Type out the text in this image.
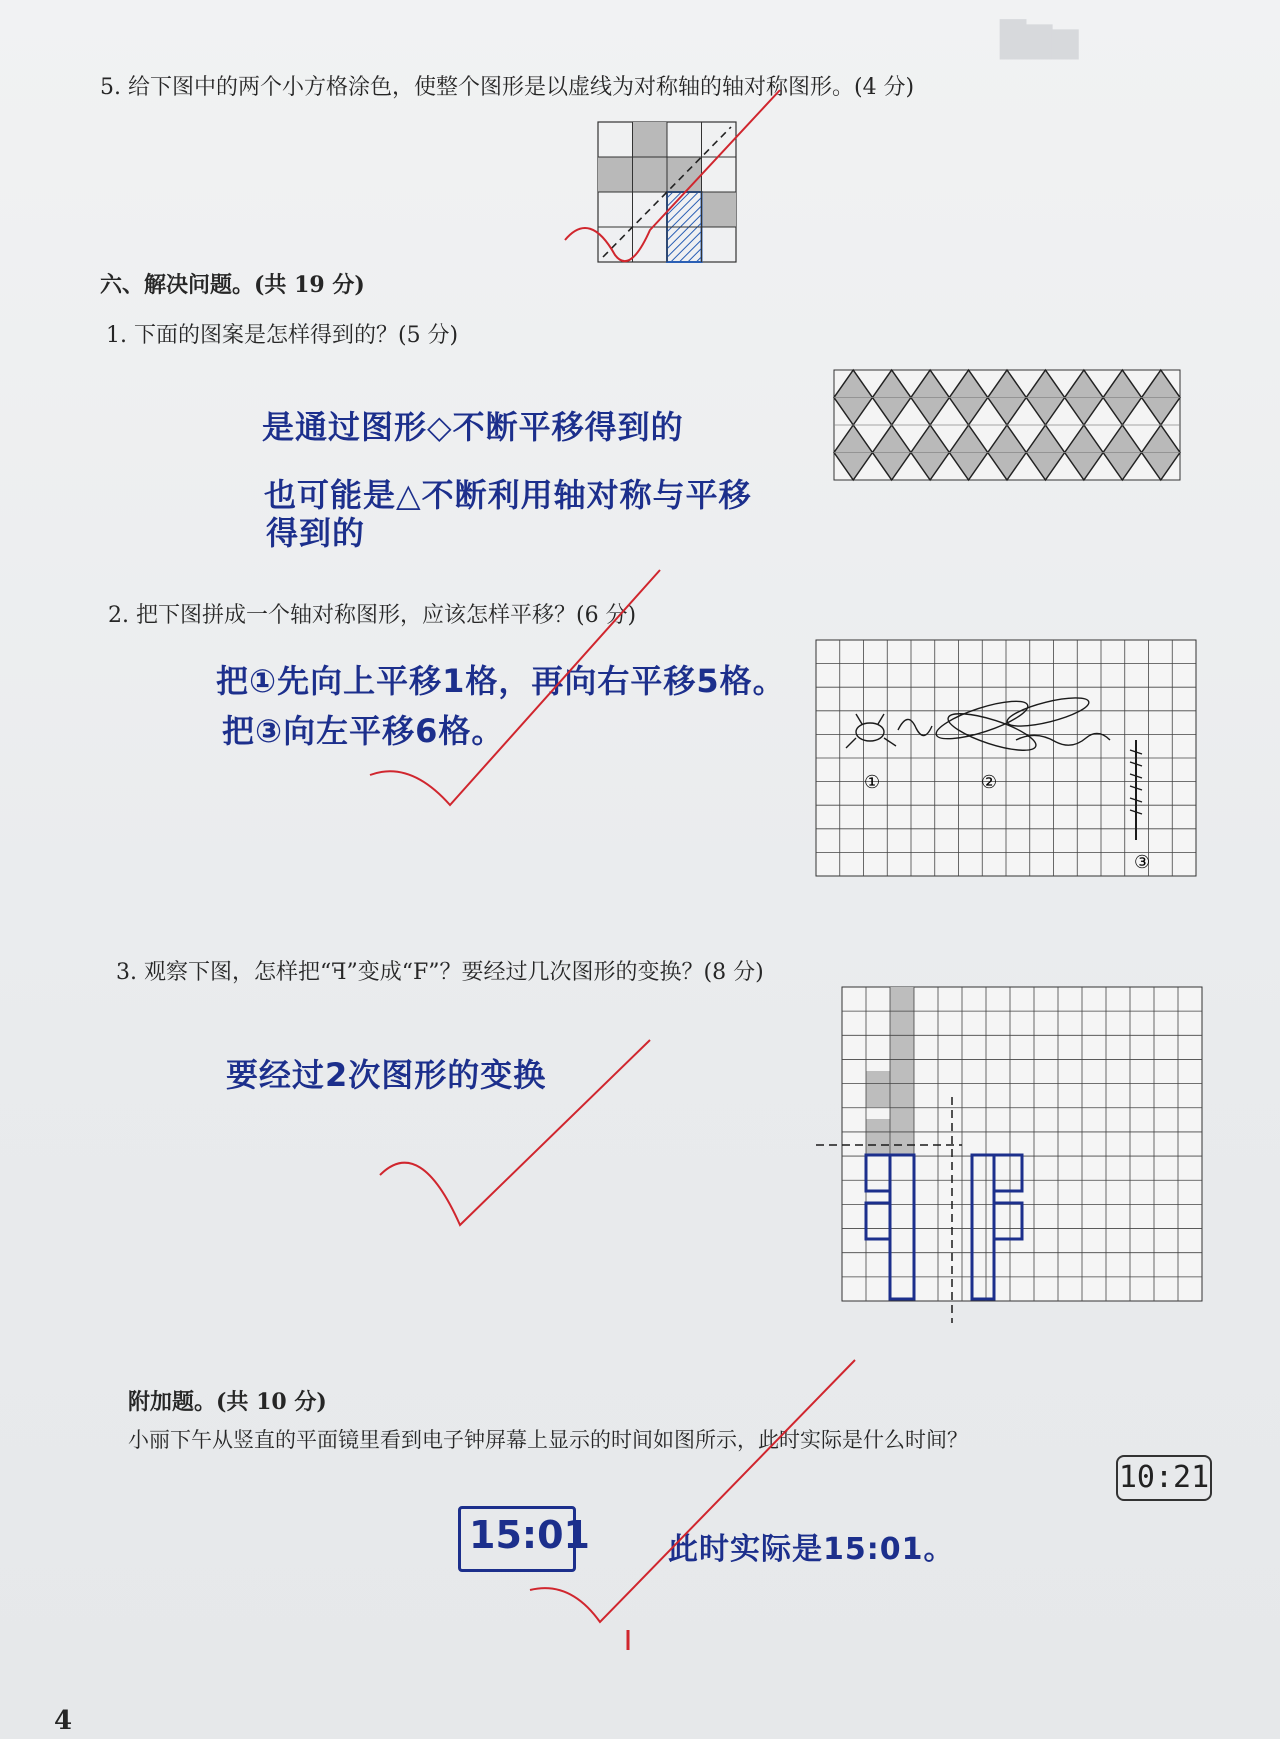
█▇▆
5. 给下图中的两个小方格涂色，使整个图形是以虚线为对称轴的轴对称图形。(4 分)
六、解决问题。(共 19 分)
1. 下面的图案是怎样得到的？(5 分)
是通过图形◇不断平移得到的
也可能是△不断利用轴对称与平移
得到的
2. 把下图拼成一个轴对称图形，应该怎样平移？(6 分)
把①先向上平移1格，再向右平移5格。
把③向左平移6格。
①	②
③
3. 观察下图，怎样把“ꟻ”变成“F”？要经过几次图形的变换？(8 分)
要经过2次图形的变换
附加题。(共 10 分)
小丽下午从竖直的平面镜里看到电子钟屏幕上显示的时间如图所示，此时实际是什么时间？
10:21
15:01	此时实际是15:01。
4
